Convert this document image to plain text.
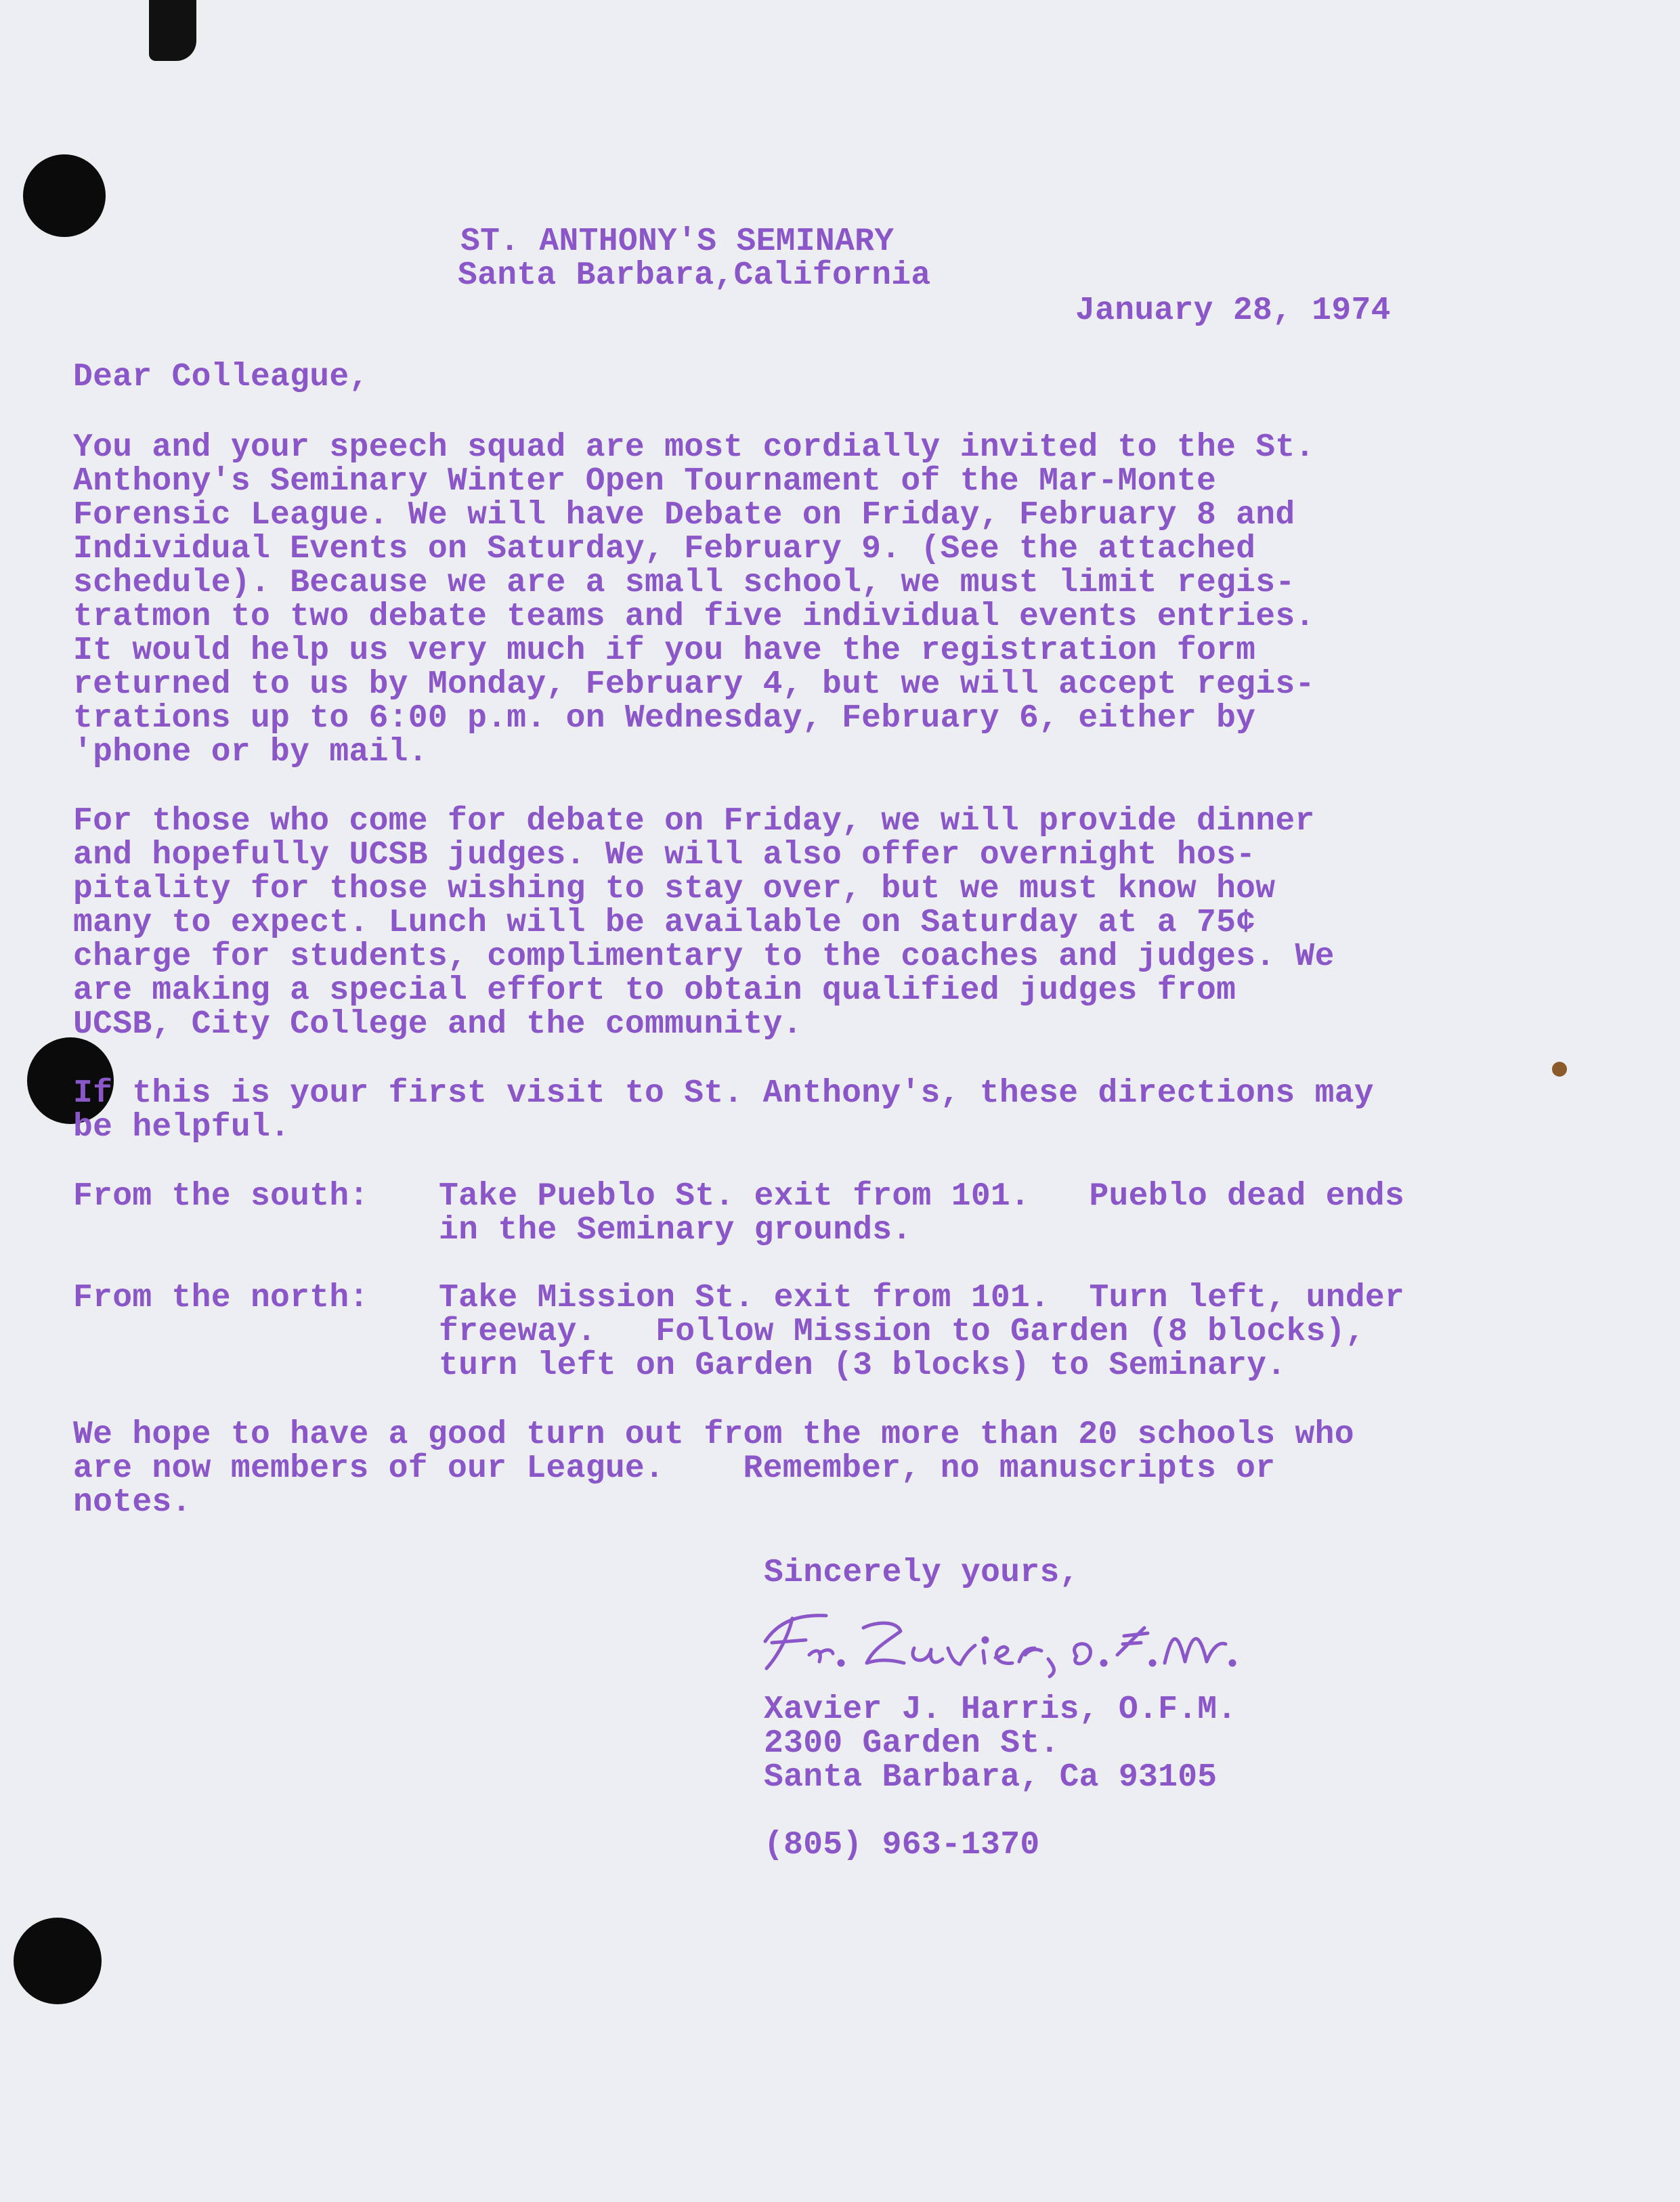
ST. ANTHONY'S SEMINARY
Santa Barbara,California
January 28, 1974
Dear Colleague,
You and your speech squad are most cordially invited to the St.
Anthony's Seminary Winter Open Tournament of the Mar-Monte
Forensic League. We will have Debate on Friday, February 8 and
Individual Events on Saturday, February 9. (See the attached
schedule). Because we are a small school, we must limit regis-
tratmon to two debate teams and five individual events entries.
It would help us very much if you have the registration form
returned to us by Monday, February 4, but we will accept regis-
trations up to 6:00 p.m. on Wednesday, February 6, either by
'phone or by mail.
For those who come for debate on Friday, we will provide dinner
and hopefully UCSB judges. We will also offer overnight hos-
pitality for those wishing to stay over, but we must know how
many to expect. Lunch will be available on Saturday at a 75¢
charge for students, complimentary to the coaches and judges. We
are making a special effort to obtain qualified judges from
UCSB, City College and the community.
If this is your first visit to St. Anthony's, these directions may
be helpful.
From the south: Take Pueblo St. exit from 101.   Pueblo dead ends
in the Seminary grounds.
From the north: Take Mission St. exit from 101.  Turn left, under
freeway.   Follow Mission to Garden (8 blocks),
turn left on Garden (3 blocks) to Seminary.
We hope to have a good turn out from the more than 20 schools who
are now members of our League.    Remember, no manuscripts or
notes.
Sincerely yours,
Xavier J. Harris, O.F.M.
2300 Garden St.
Santa Barbara, Ca 93105
(805) 963-1370
